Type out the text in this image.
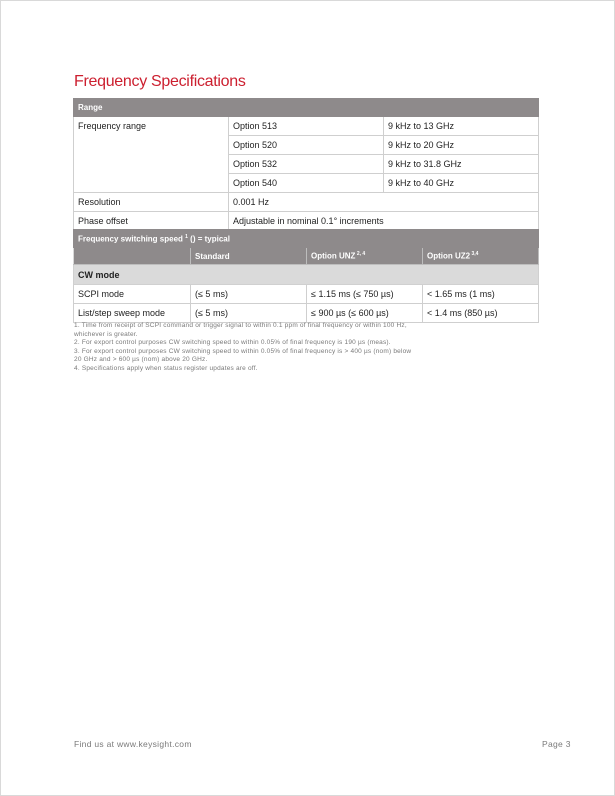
Frequency Specifications
Range		
Frequency range	Option 513	9 kHz to 13 GHz
	Option 520	9 kHz to 20 GHz
	Option 532	9 kHz to 31.8 GHz
	Option 540	9 kHz to 40 GHz
Resolution	0.001 Hz	
Phase offset	Adjustable in nominal 0.1° increments	
Frequency switching speed $^1$ () = typical			
	Standard	Option UNZ $^{2, 4}$	Option UZ2 $^{3,4}$
CW mode			
SCPI mode	(≤ 5 ms)	≤ 1.15 ms (≤ 750 µs)	< 1.65 ms (1 ms)
List/step sweep mode	(≤ 5 ms)	≤ 900 µs (≤ 600 µs)	< 1.4 ms (850 µs)
1. Time from receipt of SCPI command or trigger signal to within 0.1 ppm of final frequency or within 100 Hz,
whichever is greater.
2. For export control purposes CW switching speed to within 0.05% of final frequency is 190 µs (meas).
3. For export control purposes CW switching speed to within 0.05% of final frequency is > 400 µs (nom) below
20 GHz and > 600 µs (nom) above 20 GHz.
4. Specifications apply when status register updates are off.
Find us at www.keysight.com	Page 3
